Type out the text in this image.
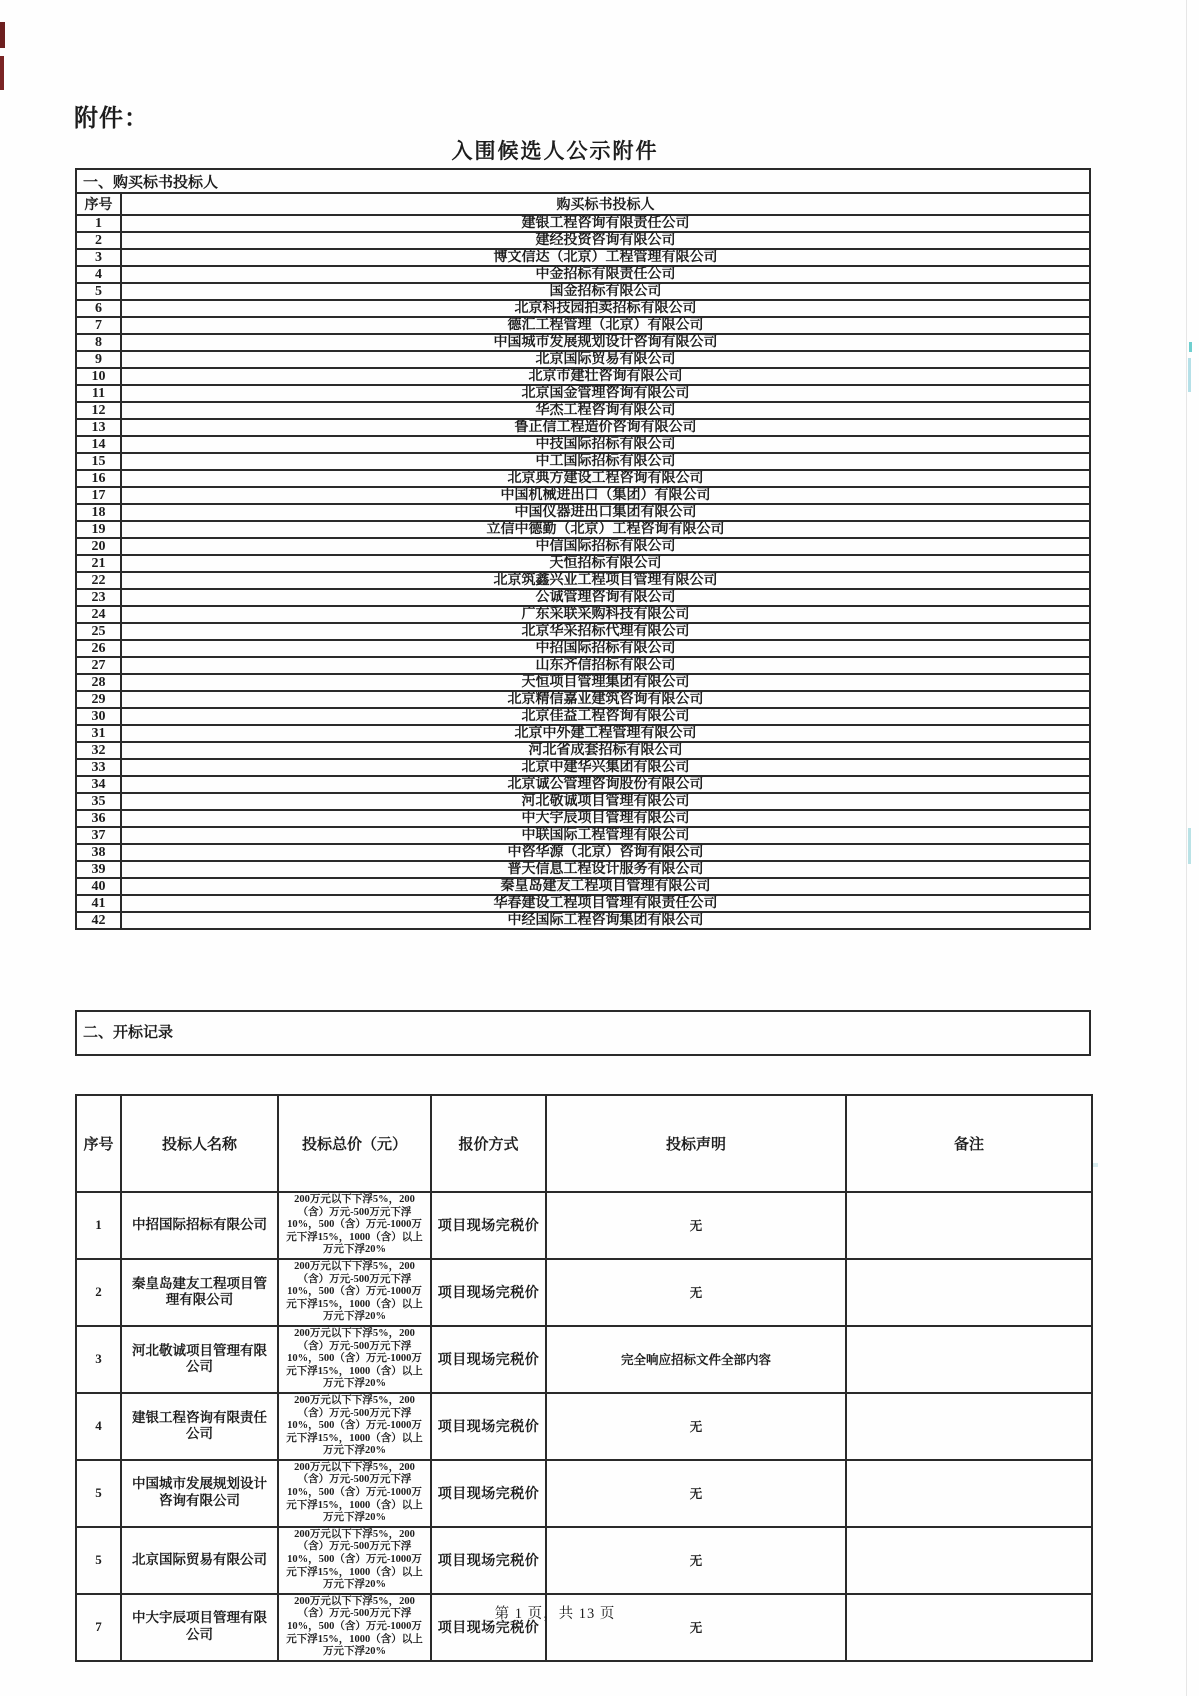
附件：
入围候选人公示附件
一、购买标书投标人	
序号	购买标书投标人
1	建银工程咨询有限责任公司
2	建经投资咨询有限公司
3	博文信达（北京）工程管理有限公司
4	中金招标有限责任公司
5	国金招标有限公司
6	北京科技园拍卖招标有限公司
7	德汇工程管理（北京）有限公司
8	中国城市发展规划设计咨询有限公司
9	北京国际贸易有限公司
10	北京市建壮咨询有限公司
11	北京国金管理咨询有限公司
12	华杰工程咨询有限公司
13	鲁正信工程造价咨询有限公司
14	中技国际招标有限公司
15	中工国际招标有限公司
16	北京典方建设工程咨询有限公司
17	中国机械进出口（集团）有限公司
18	中国仪器进出口集团有限公司
19	立信中德勤（北京）工程咨询有限公司
20	中信国际招标有限公司
21	天恒招标有限公司
22	北京筑鑫兴业工程项目管理有限公司
23	公诚管理咨询有限公司
24	广东采联采购科技有限公司
25	北京华采招标代理有限公司
26	中招国际招标有限公司
27	山东齐信招标有限公司
28	天恒项目管理集团有限公司
29	北京精信嘉业建筑咨询有限公司
30	北京佳益工程咨询有限公司
31	北京中外建工程管理有限公司
32	河北省成套招标有限公司
33	北京中建华兴集团有限公司
34	北京诚公管理咨询股份有限公司
35	河北敬诚项目管理有限公司
36	中大宇辰项目管理有限公司
37	中联国际工程管理有限公司
38	中咨华源（北京）咨询有限公司
39	普天信息工程设计服务有限公司
40	秦皇岛建友工程项目管理有限公司
41	华春建设工程项目管理有限责任公司
42	中经国际工程咨询集团有限公司
二、开标记录
序号	投标人名称	投标总价（元）	报价方式	投标声明	备注
1	中招国际招标有限公司	200万元以下下浮5%，200（含）万元-500万元下浮10%，500（含）万元-1000万元下浮15%，1000（含）以上万元下浮20%	项目现场完税价	无	
2	秦皇岛建友工程项目管理有限公司	200万元以下下浮5%，200（含）万元-500万元下浮10%，500（含）万元-1000万元下浮15%，1000（含）以上万元下浮20%	项目现场完税价	无	
3	河北敬诚项目管理有限公司	200万元以下下浮5%，200（含）万元-500万元下浮10%，500（含）万元-1000万元下浮15%，1000（含）以上万元下浮20%	项目现场完税价	完全响应招标文件全部内容	
4	建银工程咨询有限责任公司	200万元以下下浮5%，200（含）万元-500万元下浮10%，500（含）万元-1000万元下浮15%，1000（含）以上万元下浮20%	项目现场完税价	无	
5	中国城市发展规划设计咨询有限公司	200万元以下下浮5%，200（含）万元-500万元下浮10%，500（含）万元-1000万元下浮15%，1000（含）以上万元下浮20%	项目现场完税价	无	
5	北京国际贸易有限公司	200万元以下下浮5%，200（含）万元-500万元下浮10%，500（含）万元-1000万元下浮15%，1000（含）以上万元下浮20%	项目现场完税价	无	
7	中大宇辰项目管理有限公司	200万元以下下浮5%，200（含）万元-500万元下浮10%，500（含）万元-1000万元下浮15%，1000（含）以上万元下浮20%	项目现场完税价	无	
第 1 页，共 13 页
